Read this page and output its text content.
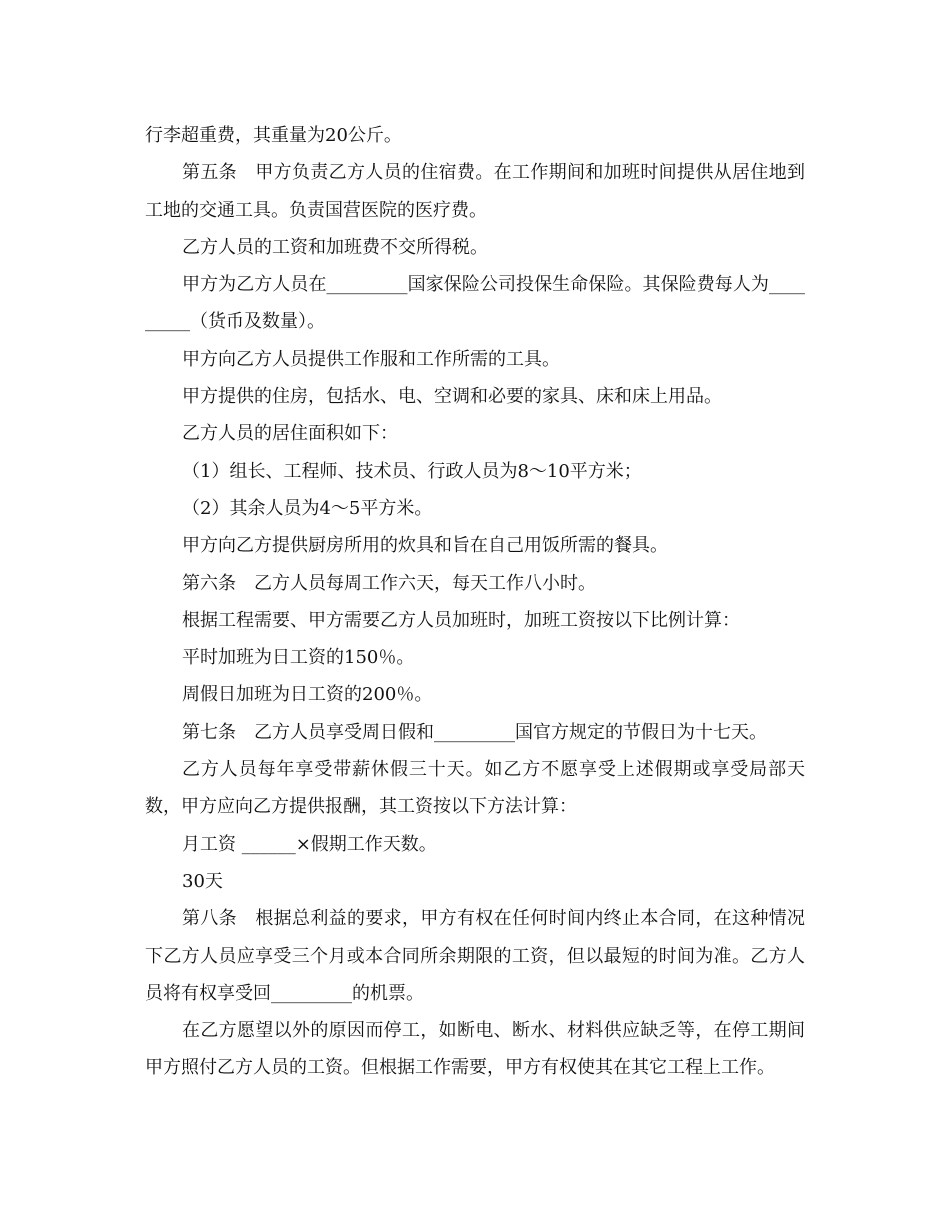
行李超重费，其重量为20公斤。

第五条　甲方负责乙方人员的住宿费。在工作期间和加班时间提供从居住地到工地的交通工具。负责国营医院的医疗费。

乙方人员的工资和加班费不交所得税。

甲方为乙方人员在_________国家保险公司投保生命保险。其保险费每人为_________（货币及数量）。

甲方向乙方人员提供工作服和工作所需的工具。

甲方提供的住房，包括水、电、空调和必要的家具、床和床上用品。

乙方人员的居住面积如下：

（1）组长、工程师、技术员、行政人员为8～10平方米；

（2）其余人员为4～5平方米。

甲方向乙方提供厨房所用的炊具和旨在自己用饭所需的餐具。

第六条　乙方人员每周工作六天，每天工作八小时。

根据工程需要、甲方需要乙方人员加班时，加班工资按以下比例计算：

平时加班为日工资的150％。

周假日加班为日工资的200％。

第七条　乙方人员享受周日假和_________国官方规定的节假日为十七天。

乙方人员每年享受带薪休假三十天。如乙方不愿享受上述假期或享受局部天数，甲方应向乙方提供报酬，其工资按以下方法计算：

月工资 ______×假期工作天数。

30天

第八条　根据总利益的要求，甲方有权在任何时间内终止本合同，在这种情况下乙方人员应享受三个月或本合同所余期限的工资，但以最短的时间为准。乙方人员将有权享受回_________的机票。

在乙方愿望以外的原因而停工，如断电、断水、材料供应缺乏等，在停工期间甲方照付乙方人员的工资。但根据工作需要，甲方有权使其在其它工程上工作。
